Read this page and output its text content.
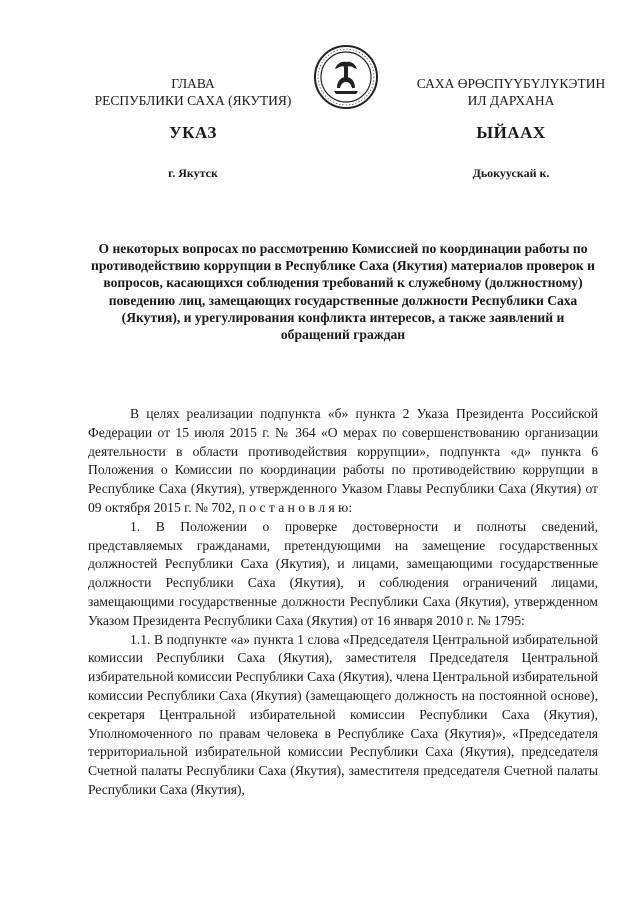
ГЛАВА
РЕСПУБЛИКИ САХА (ЯКУТИЯ)
САХА ӨРӨСПҮҮБҮЛҮКЭТИН
ИЛ ДАРХАНА
УКАЗ	ЫЙААХ
г. Якутск	Дьокуускай к.
О некоторых вопросах по рассмотрению Комиссией по координации работы по противодействию коррупции в Республике Саха (Якутия) материалов проверок и вопросов, касающихся соблюдения требований к служебному (должностному) поведению лиц, замещающих государственные должности Республики Саха (Якутия), и урегулирования конфликта интересов, а также заявлений и обращений граждан

В целях реализации подпункта «б» пункта 2 Указа Президента Российской Федерации от 15 июля 2015 г. № 364 «О мерах по совершенствованию организации деятельности в области противодействия коррупции», подпункта «д» пункта 6 Положения о Комиссии по координации работы по противодействию коррупции в Республике Саха (Якутия), утвержденного Указом Главы Республики Саха (Якутия) от 09 октября 2015 г. № 702, п о с т а н о в л я ю:

1. В Положении о проверке достоверности и полноты сведений, представляемых гражданами, претендующими на замещение государственных должностей Республики Саха (Якутия), и лицами, замещающими государственные должности Республики Саха (Якутия), и соблюдения ограничений лицами, замещающими государственные должности Республики Саха (Якутия), утвержденном Указом Президента Республики Саха (Якутия) от 16 января 2010 г. № 1795:

1.1. В подпункте «а» пункта 1 слова «Председателя Центральной избирательной комиссии Республики Саха (Якутия), заместителя Председателя Центральной избирательной комиссии Республики Саха (Якутия), члена Центральной избирательной комиссии Республики Саха (Якутия) (замещающего должность на постоянной основе), секретаря Центральной избирательной комиссии Республики Саха (Якутия), Уполномоченного по правам человека в Республике Саха (Якутия)», «Председателя территориальной избирательной комиссии Республики Саха (Якутия), председателя Счетной палаты Республики Саха (Якутия), заместителя председателя Счетной палаты Республики Саха (Якутия),
